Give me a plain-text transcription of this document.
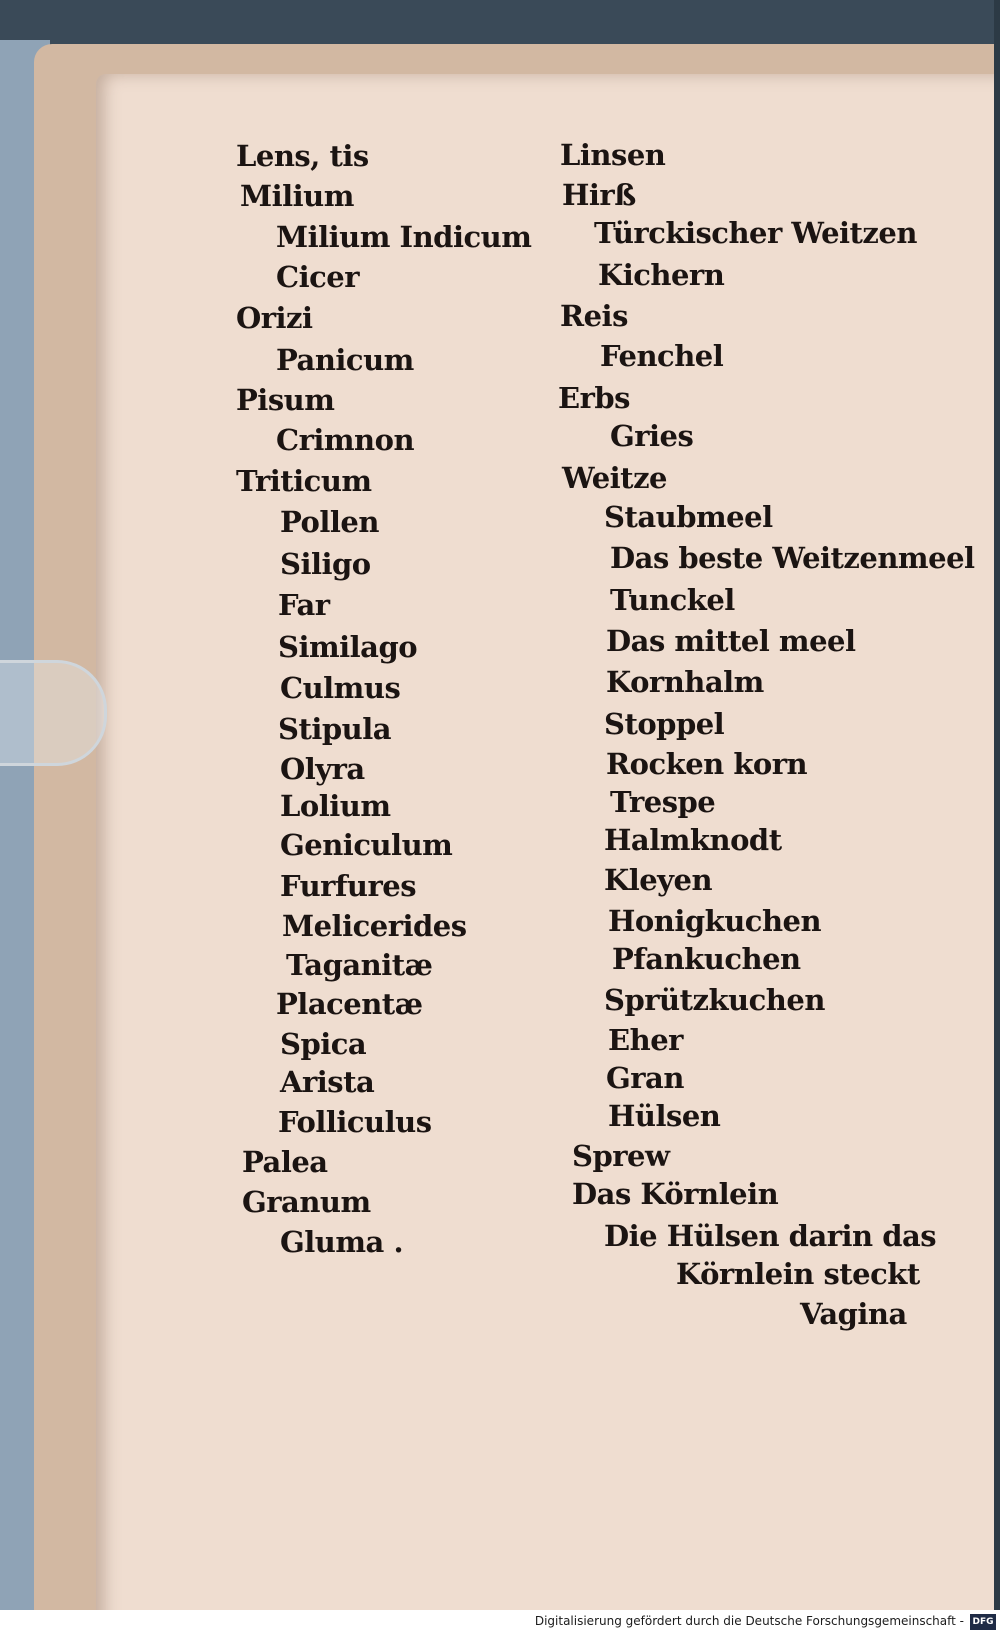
Lens, tis
Milium
Milium Indicum
Cicer
Orizi
Panicum
Pisum
Crimnon
Triticum
Pollen
Siligo
Far
Similago
Culmus
Stipula
Olyra
Lolium
Geniculum
Furfures
Melicerides
Taganitæ
Placentæ
Spica
Arista
Folliculus
Palea
Granum
Gluma .
Linsen
Hirß
Türckischer Weitzen
Kichern
Reis
Fenchel
Erbs
Gries
Weitze
Staubmeel
Das beste Weitzenmeel
Tunckel
Das mittel meel
Kornhalm
Stoppel
Rocken korn
Trespe
Halmknodt
Kleyen
Honigkuchen
Pfankuchen
Sprützkuchen
Eher
Gran
Hülsen
Sprew
Das Körnlein
Die Hülsen darin das
Körnlein steckt
Vagina
Digitalisierung gefördert durch die Deutsche Forschungsgemeinschaft - DFG
